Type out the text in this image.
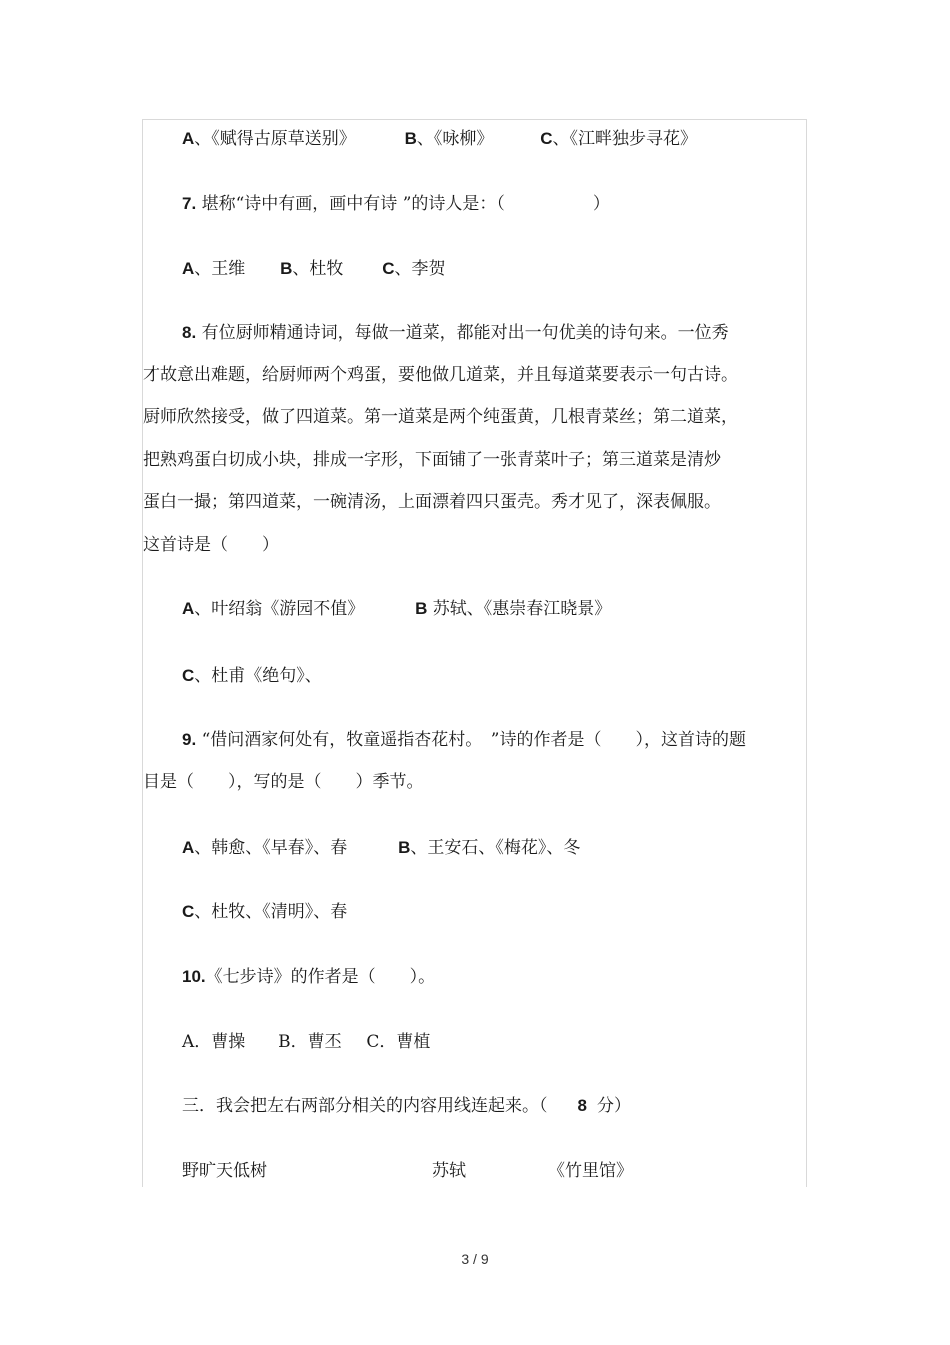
A、《赋得古原草送别》	B、《咏柳》	C、《江畔独步寻花》
7. 堪称“诗中有画，画中有诗 ”的诗人是：（	）
A、王维 B、杜牧 C、李贺
8. 有位厨师精通诗词，每做一道菜，都能对出一句优美的诗句来。一位秀
才故意出难题，给厨师两个鸡蛋，要他做几道菜，并且每道菜要表示一句古诗。
厨师欣然接受，做了四道菜。第一道菜是两个纯蛋黄，几根青菜丝；第二道菜，
把熟鸡蛋白切成小块，排成一字形，下面铺了一张青菜叶子；第三道菜是清炒
蛋白一撮；第四道菜，一碗清汤，上面漂着四只蛋壳。秀才见了，深表佩服。
这首诗是（　　）
A、叶绍翁《游园不值》	B 苏轼、《惠崇春江晓景》
C、杜甫《绝句》、
9. “借问酒家何处有，牧童遥指杏花村。　”诗的作者是（　　），这首诗的题
目是（　　），写的是（　　）季节。
A、韩愈、《早春》、春	B、王安石、《梅花》、冬
C、杜牧、《清明》、春
10.《七步诗》的作者是（　　）。
A．曹操 B．曹丕 C．曹植
三．我会把左右两部分相关的内容用线连起来。（ 8 分）
野旷天低树	苏轼	《竹里馆》
3 / 9
